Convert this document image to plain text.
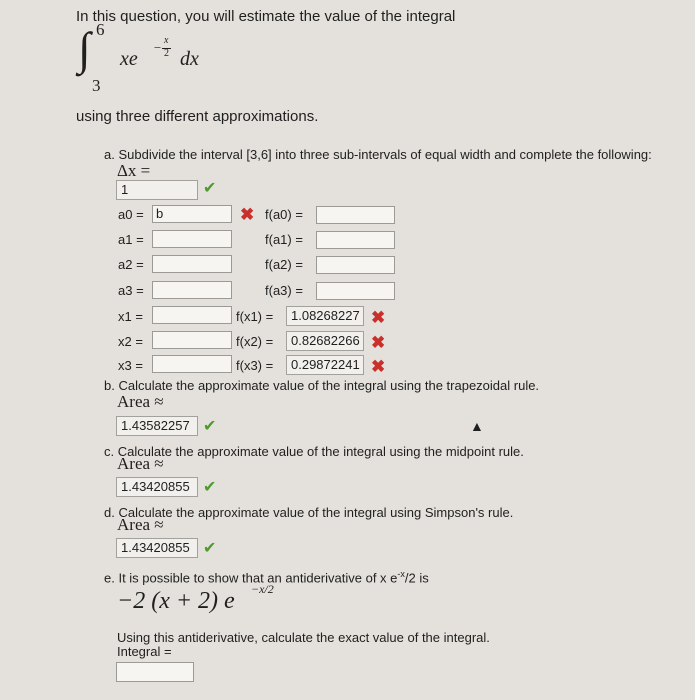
In this question, you will estimate the value of the integral
∫ 6
3
xe
− x
2 dx
using three different approximations.
a. Subdivide the interval [3,6] into three sub-intervals of equal width and complete the following:
Δx =
1	✔
a0 = b	✖ f(a0) =
a1 =	f(a1) =
a2 =	f(a2) =
a3 =	f(a3) =
x1 =	f(x1) =	1.08268227 ✖
x2 =	f(x2) =	0.82682266 ✖
x3 =	f(x3) =	0.29872241 ✖
b. Calculate the approximate value of the integral using the trapezoidal rule.
Area ≈
1.43582257 ✔	▲
c. Calculate the approximate value of the integral using the midpoint rule.
Area ≈
1.43420855 ✔
d. Calculate the approximate value of the integral using Simpson's rule.
Area ≈
1.43420855 ✔
e. It is possible to show that an antiderivative of x $e^{-x}/2$ is
−2 (x + 2) e −x/2
Using this antiderivative, calculate the exact value of the integral.
Integral =
